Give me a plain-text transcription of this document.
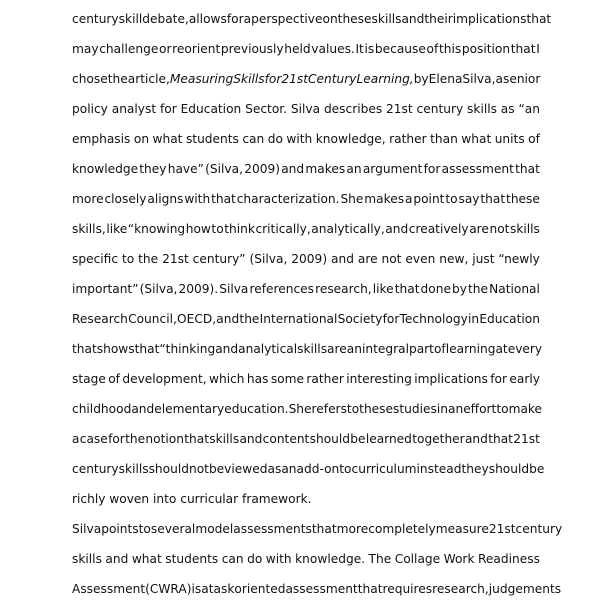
century skill debate, allows for a perspective on these skills and their implications that
may challenge or reorient previously held values. It is because of this position that I
chose the article, Measuring Skills for 21st Century Learning, by Elena Silva, a senior
policy analyst for Education Sector. Silva describes 21st century skills as “an
emphasis on what students can do with knowledge, rather than what units of
knowledge they have” (Silva, 2009) and makes an argument for assessment that
more closely aligns with that characterization. She makes a point to say that these
skills, like “knowing how to think critically, analytically, and creatively are not skills
specific to the 21st century” (Silva, 2009) and are not even new, just “newly
important” (Silva, 2009). Silva references research, like that done by the National
Research Council, OECD, and the International Society for Technology in Education
that shows that “thinking and analytical skills are an integral part of learning at every
stage of development, which has some rather interesting implications for early
childhood and elementary education. She refers to these studies in an effort to make
a case for the notion that skills and content should be learned together and that 21st
century skills should not be viewed as an add-on to curriculum instead they should be
richly woven into curricular framework.
Silva points to several model assessments that more completely measure 21st century
skills and what students can do with knowledge. The Collage Work Readiness
Assessment (CWRA) is a task oriented assessment that requires research, judgements
